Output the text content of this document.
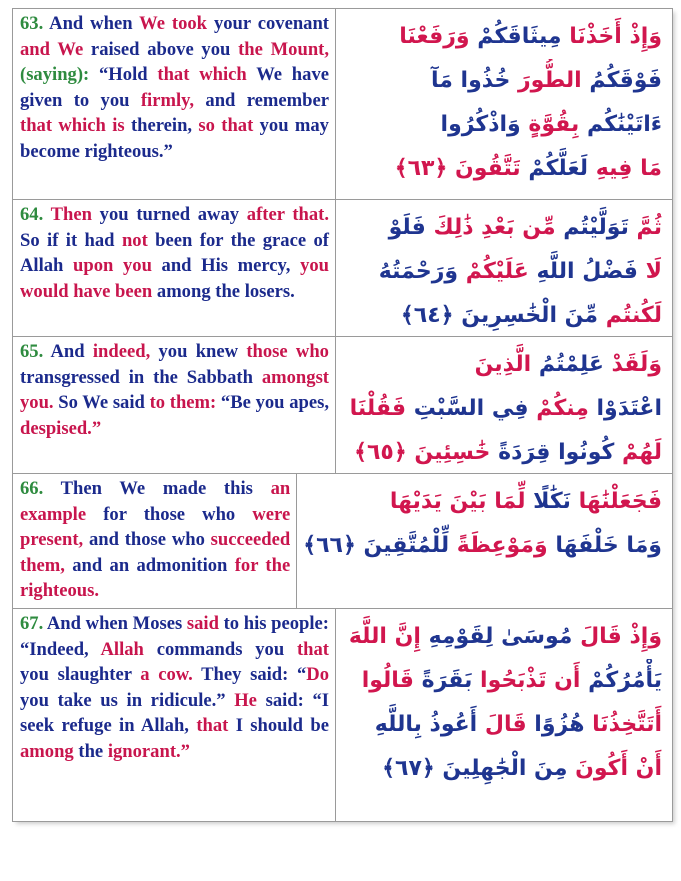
63. And when We took your covenant and We raised above you the Mount, (saying): “Hold that which We have given to you firmly, and remember that which is therein, so that you may become righteous.”
وَإِذْ أَخَذْنَا مِيثَاقَكُمْ وَرَفَعْنَا
فَوْقَكُمُ الطُّورَ خُذُوا مَآ
ءَاتَيْنَٰكُم بِقُوَّةٍ وَاذْكُرُوا
مَا فِيهِ لَعَلَّكُمْ تَتَّقُونَ ﴿٦٣﴾
64. Then you turned away after that. So if it had not been for the grace of Allah upon you and His mercy, you would have been among the losers.
ثُمَّ تَوَلَّيْتُم مِّن بَعْدِ ذَٰلِكَ فَلَوْ
لَا فَضْلُ اللَّهِ عَلَيْكُمْ وَرَحْمَتُهُ
لَكُنتُم مِّنَ الْخَٰسِرِينَ ﴿٦٤﴾
65. And indeed, you knew those who transgressed in the Sabbath amongst you. So We said to them: “Be you apes, despised.”
وَلَقَدْ عَلِمْتُمُ الَّذِينَ
اعْتَدَوْا مِنكُمْ فِي السَّبْتِ فَقُلْنَا
لَهُمْ كُونُوا قِرَدَةً خَٰسِئِينَ ﴿٦٥﴾
66. Then We made this an example for those who were present, and those who succeeded them, and an admonition for the righteous.
فَجَعَلْنَٰهَا نَكَٰلًا لِّمَا بَيْنَ يَدَيْهَا
وَمَا خَلْفَهَا وَمَوْعِظَةً لِّلْمُتَّقِينَ ﴿٦٦﴾
67. And when Moses said to his people: “Indeed, Allah commands you that you slaughter a cow. They said: “Do you take us in ridicule.” He said: “I seek refuge in Allah, that I should be among the ignorant.”
وَإِذْ قَالَ مُوسَىٰ لِقَوْمِهِ إِنَّ اللَّهَ
يَأْمُرُكُمْ أَن تَذْبَحُوا بَقَرَةً قَالُوا
أَتَتَّخِذُنَا هُزُوًا قَالَ أَعُوذُ بِاللَّهِ
أَنْ أَكُونَ مِنَ الْجَٰهِلِينَ ﴿٦٧﴾
